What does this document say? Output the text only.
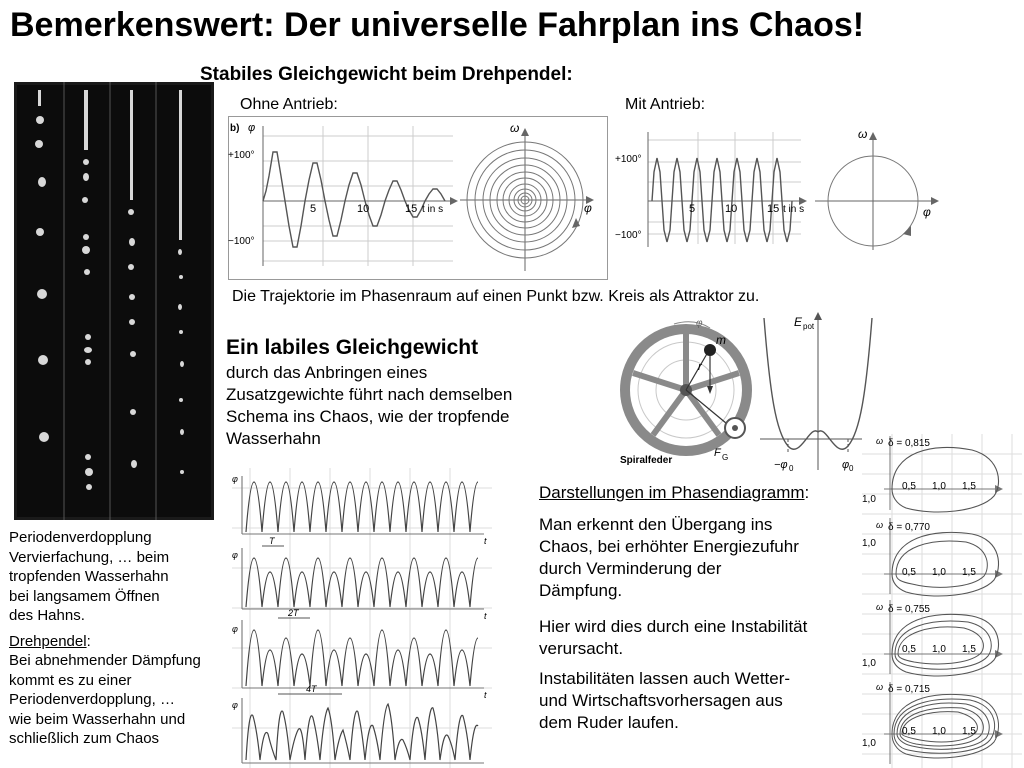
Bemerkenswert: Der universelle Fahrplan ins Chaos!
Stabiles Gleichgewicht beim Drehpendel:
Ohne Antrieb:	Mit Antrieb:
b) φ
+100°
−100°
5	10	15 t in s
ω
φ
+100°
−100°
5	10	15 t in s
ω
φ
Die Trajektorie im Phasenraum auf einen Punkt bzw. Kreis als Attraktor zu.
Ein labiles Gleichgewicht
durch das Anbringen eines
Zusatzgewichte führt nach demselben
Schema ins Chaos, wie der tropfende
Wasserhahn
m
r
φ
Spiralfeder
F G
E pot
−φ 0	φ 0
Periodenverdopplung
Vervierfachung, … beim
tropfenden Wasserhahn
bei langsamem Öffnen
des Hahns.
Drehpendel:
Bei abnehmender Dämpfung
kommt es zu einer
Periodenverdopplung, …
wie beim Wasserhahn und
schließlich zum Chaos
φ
φ
φ
φ
t
t
t
T
2T
4T
Darstellungen im Phasendiagramm:
Man erkennt den Übergang ins
Chaos, bei erhöhter Energiezufuhr
durch Verminderung der
Dämpfung.
Hier wird dies durch eine Instabilität
verursacht.
Instabilitäten lassen auch Wetter-
und Wirtschaftsvorhersagen aus
dem Ruder laufen.
ω δ = 0,815
1,0
0,5 1,0 1,5
ω δ = 0,770
1,0
0,5 1,0 1,5
ω δ = 0,755
1,0
0,5 1,0 1,5
ω δ = 0,715
1,0
0,5 1,0 1,5
